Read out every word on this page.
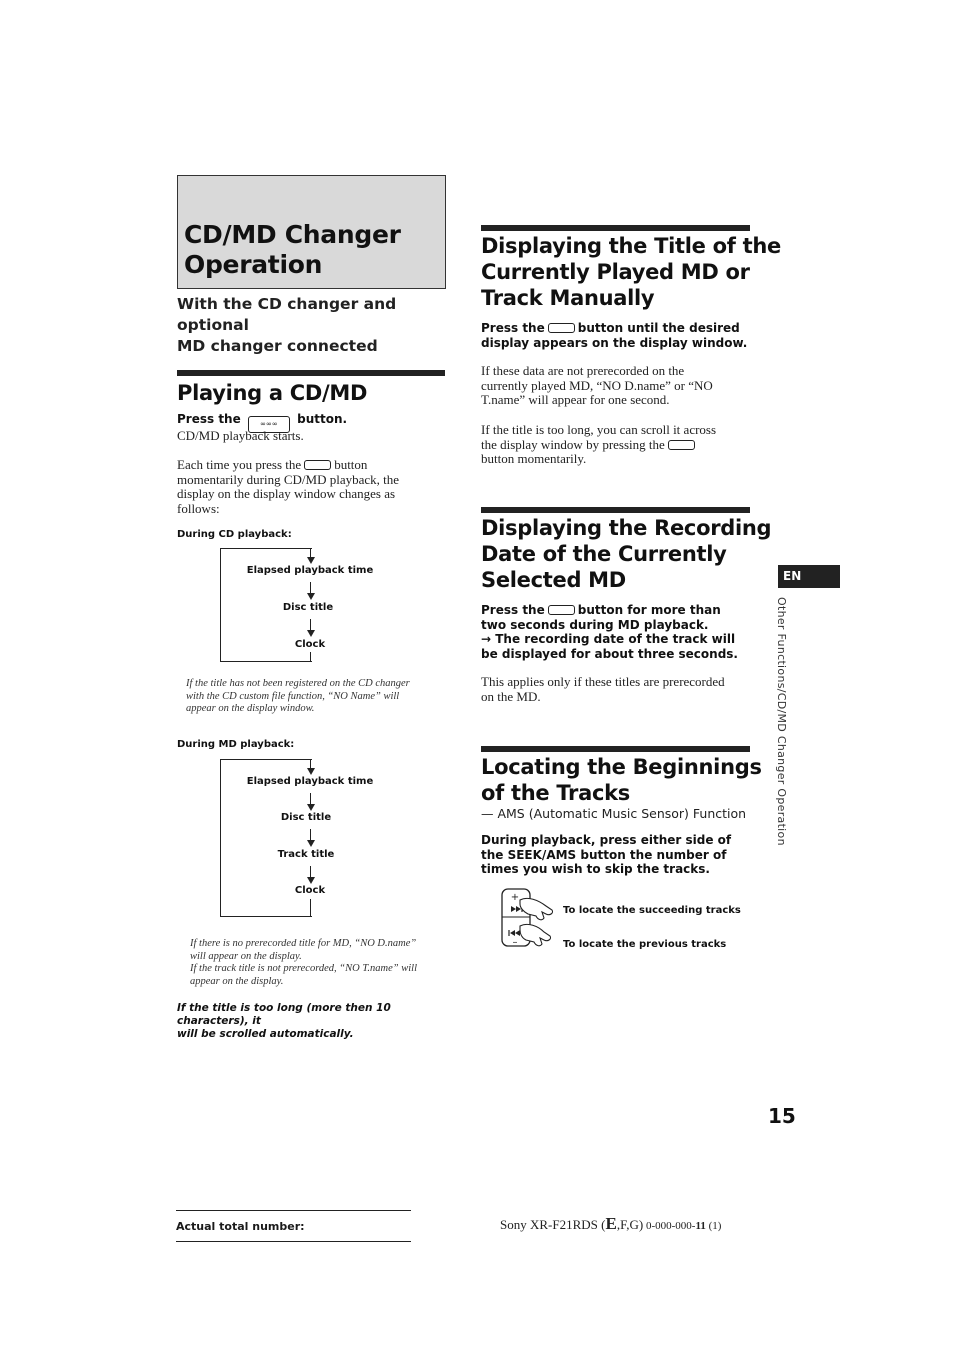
CD/MD Changer
Operation
With the CD changer and optional
MD changer connected
Playing a CD/MD
Press the	∞∞∞ button.
CD/MD playback starts.
Each time you press the	button
momentarily during CD/MD playback, the
display on the display window changes as
follows:
During CD playback:
Elapsed playback time
Disc title
Clock
If the title has not been registered on the CD changer
with the CD custom file function, “NO Name” will
appear on the display window.
During MD playback:
Elapsed playback time
Disc title
Track title
Clock
If there is no prerecorded title for MD, “NO D.name”
will appear on the display.
If the track title is not prerecorded, “NO T.name” will
appear on the display.
If the title is too long (more then 10 characters), it
will be scrolled automatically.
Displaying the Title of the
Currently Played MD or
Track Manually
Press the	button until the desired
display appears on the display window.
If these data are not prerecorded on the
currently played MD, “NO D.name” or “NO
T.name” will appear for one second.
If the title is too long, you can scroll it across
the display window by pressing the
button momentarily.
Displaying the Recording
Date of the Currently
Selected MD
Press the	button for more than
two seconds during MD playback.
→ The recording date of the track will
be displayed for about three seconds.
This applies only if these titles are prerecorded
on the MD.
Locating the Beginnings
of the Tracks
— AMS (Automatic Music Sensor) Function
During playback, press either side of
the SEEK/AMS button the number of
times you wish to skip the tracks.
+
–
To locate the succeeding tracks
To locate the previous tracks
EN
Other Functions/CD/MD Changer Operation
15
Actual total number:	Sony XR-F21RDS (E,F,G) 0-000-000-11 (1)
